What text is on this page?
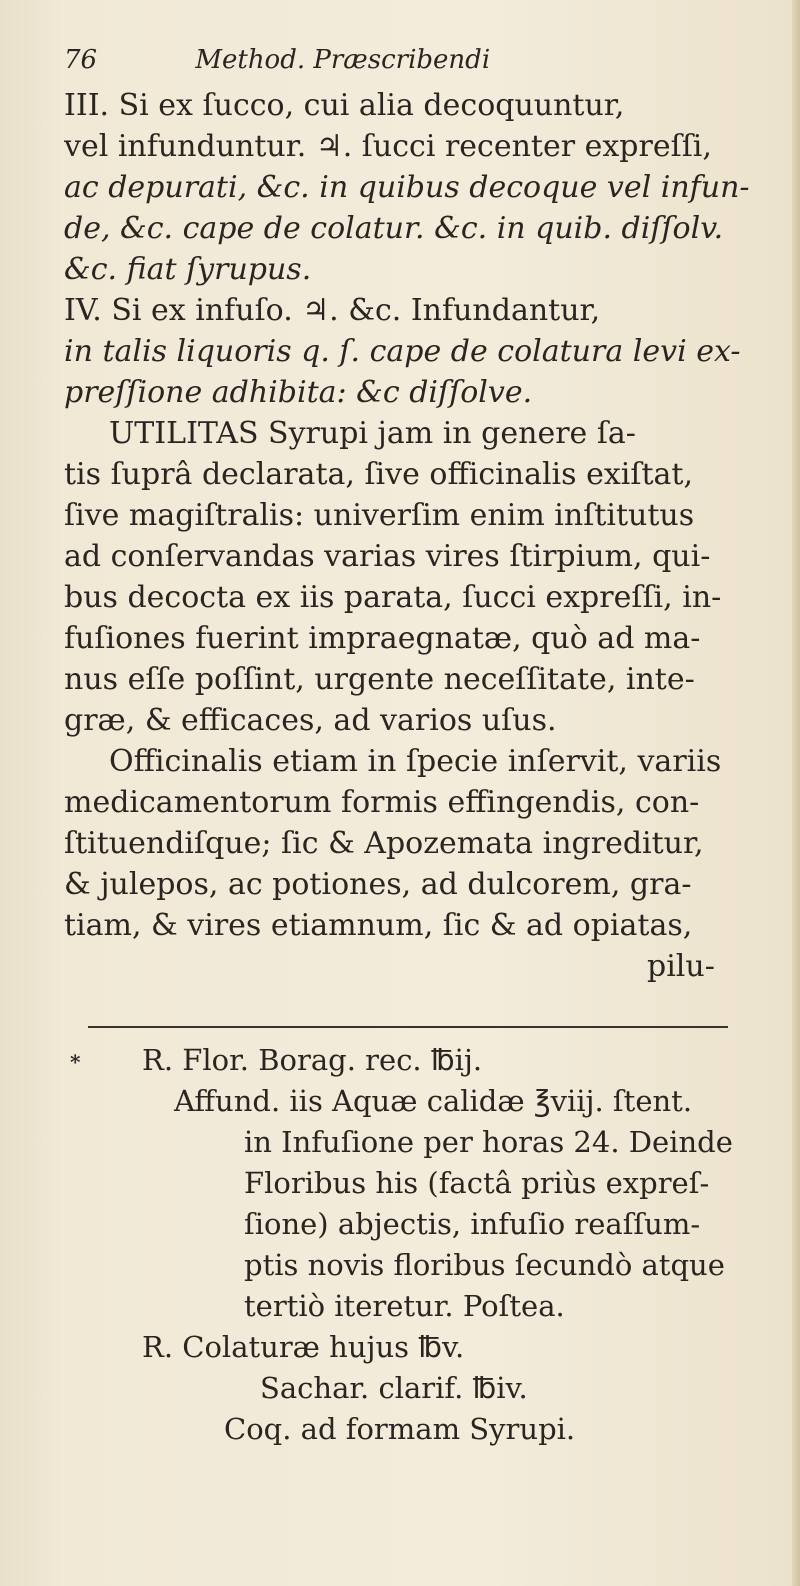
76	Method. Præscribendi
III. Si ex ſucco, cui alia decoquuntur,
vel infunduntur. ♃. ſucci recenter expreſſi,
ac depurati, &c. in quibus decoque vel infun-
de, &c. cape de colatur. &c. in quib. diſſolv.
&c. fiat ſyrupus.
IV. Si ex infuſo. ♃. &c. Infundantur,
in talis liquoris q. ſ. cape de colatura levi ex-
preſſione adhibita: &c diſſolve.
UTILITAS Syrupi jam in genere ſa-
tis ſuprâ declarata, ſive officinalis exiſtat,
ſive magiſtralis: univerſim enim inſtitutus
ad conſervandas varias vires ſtirpium, qui-
bus decocta ex iis parata, ſucci expreſſi, in-
fuſiones fuerint impraegnatæ, quò ad ma-
nus eſſe poſſint, urgente neceſſitate, inte-
græ, & efficaces, ad varios uſus.
Officinalis etiam in ſpecie inſervit, variis
medicamentorum formis effingendis, con-
ſtituendiſque; ſic & Apozemata ingreditur,
& julepos, ac potiones, ad dulcorem, gra-
tiam, & vires etiamnum, ſic & ad opiatas,
pilu-
*	R. Flor. Borag. rec. ℔ij.
Affund. iis Aquæ calidæ ℥viij. ſtent.
in Infuſione per horas 24. Deinde
Floribus his (factâ priùs expreſ-
ſione) abjectis, infuſio reaſſum-
ptis novis floribus ſecundò atque
tertiò iteretur. Poſtea.
R. Colaturæ hujus ℔v.
Sachar. clarif. ℔iv.
Coq. ad formam Syrupi.
